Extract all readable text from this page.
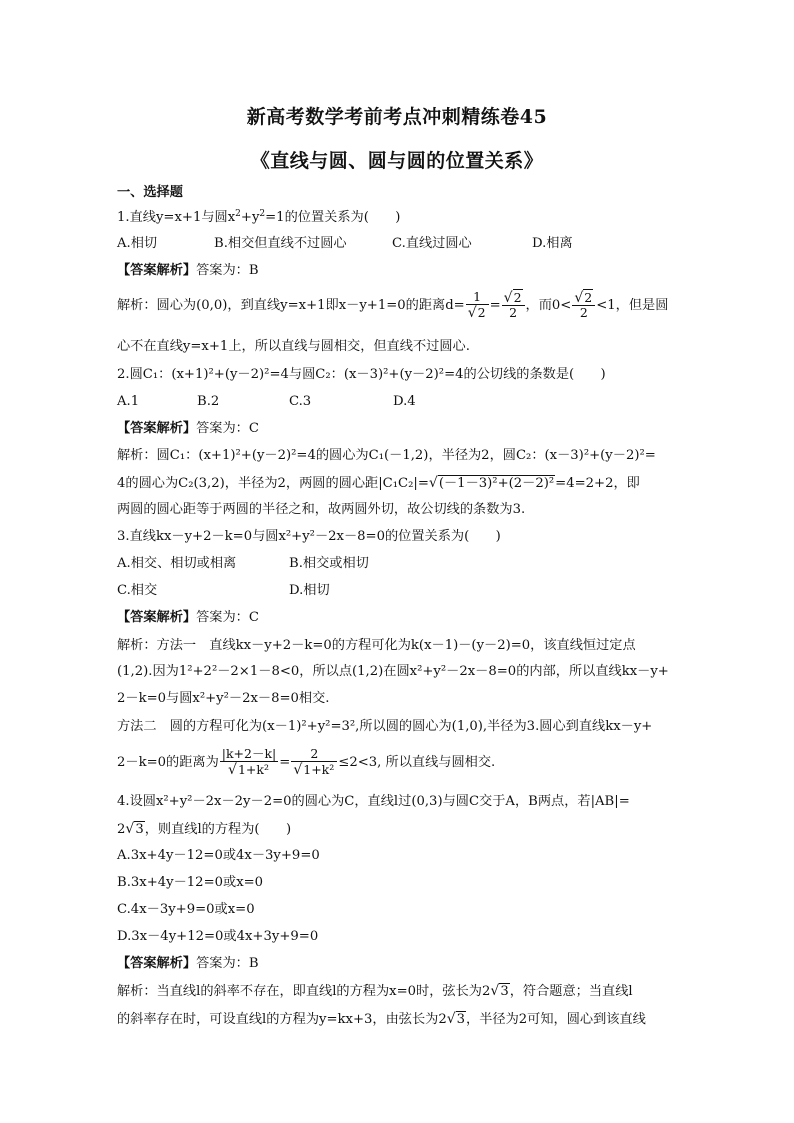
新高考数学考前考点冲刺精练卷45
《直线与圆、圆与圆的位置关系》
一、选择题
1.直线y=x+1与圆$x^2+y^2=1$的位置关系为(　　)
A.相切	B.相交但直线不过圆心	C.直线过圆心	D.相离
【答案解析】答案为：B
解析：圆心为(0,0)，到直线y=x+1即x－y+1=0的距离$d= \frac{1}{√2} = \frac{√2}{2}$ ，而$0< \frac{√2}{2} <1$，但是圆
心不在直线y=x+1上，所以直线与圆相交，但直线不过圆心.
2.圆C₁：(x+1)²+(y－2)²=4与圆C₂：(x－3)²+(y－2)²=4的公切线的条数是(　　)
A.1	B.2	C.3	D.4
【答案解析】答案为：C
解析：圆C₁：(x+1)²+(y－2)²=4的圆心为C₁(－1,2)，半径为2，圆C₂：(x－3)²+(y－2)²=
4的圆心为C₂(3,2)，半径为2，两圆的圆心距|C₁C₂|=√(－1－3)²+(2－2)²=4=2+2，即
两圆的圆心距等于两圆的半径之和，故两圆外切，故公切线的条数为3.
3.直线kx－y+2－k=0与圆x²+y²－2x－8=0的位置关系为(　　)
A.相交、相切或相离	B.相交或相切
C.相交	D.相切
【答案解析】答案为：C
解析：方法一　直线kx－y+2－k=0的方程可化为k(x－1)－(y－2)=0，该直线恒过定点
(1,2).因为1²+2²－2×1－8<0，所以点(1,2)在圆x²+y²－2x－8=0的内部，所以直线kx－y+
2－k=0与圆x²+y²－2x－8=0相交.
方法二　圆的方程可化为(x－1)²+y²=3²,所以圆的圆心为(1,0),半径为3.圆心到直线kx－y+
2－k=0的距离为 $\frac{|k+2-k|}{\text{√1+k²}} = \frac{2}{\text{√1+k²}} \le 2<3$, 所以直线与圆相交.
4.设圆x²+y²－2x－2y－2=0的圆心为C，直线l过(0,3)与圆C交于A，B两点，若|AB|=
2√3，则直线l的方程为(　　)
A.3x+4y－12=0或4x－3y+9=0
B.3x+4y－12=0或x=0
C.4x－3y+9=0或x=0
D.3x－4y+12=0或4x+3y+9=0
【答案解析】答案为：B
解析：当直线l的斜率不存在，即直线l的方程为x=0时，弦长为2√3，符合题意；当直线l
的斜率存在时，可设直线l的方程为y=kx+3，由弦长为2√3，半径为2可知，圆心到该直线
